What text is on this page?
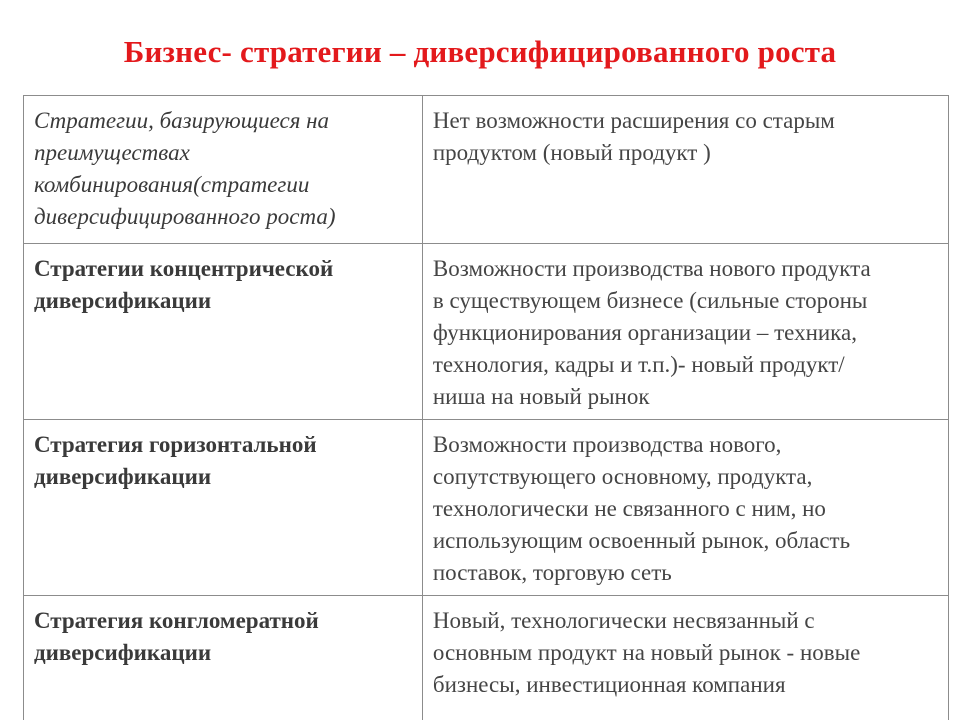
Бизнес- стратегии – диверсифицированного роста
Стратегии, базирующиеся на
преимуществах
комбинирования(стратегии
диверсифицированного роста)	Нет возможности расширения со старым
продуктом (новый продукт )

Стратегии концентрической
диверсификации	Возможности производства нового продукта
в существующем бизнесе (сильные стороны
функционирования организации – техника,
технология, кадры и т.п.)- новый продукт/
ниша на новый рынок

Стратегия горизонтальной
диверсификации	Возможности производства нового,
сопутствующего основному, продукта,
технологически не связанного с ним, но
использующим освоенный рынок, область
поставок, торговую сеть

Стратегия конгломератной
диверсификации	Новый, технологически несвязанный с
основным продукт на новый рынок - новые
бизнесы, инвестиционная компания
